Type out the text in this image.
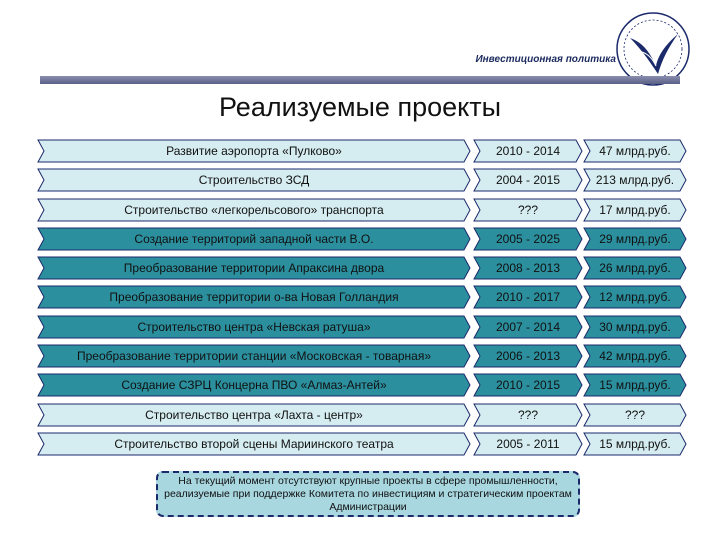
Инвестиционная политика
Реализуемые проекты
Развитие аэропорта «Пулково»	2010 - 2014	47 млрд.руб.
Строительство ЗСД	2004 - 2015	213 млрд.руб.
Строительство «легкорельсового» транспорта	???	17 млрд.руб.
Создание территорий западной части В.О.	2005 - 2025	29 млрд.руб.
Преобразование территории Апраксина двора	2008 - 2013	26 млрд.руб.
Преобразование территории о-ва Новая Голландия	2010 - 2017	12 млрд.руб.
Строительство центра «Невская ратуша»	2007 - 2014	30 млрд.руб.
Преобразование территории станции «Московская - товарная»	2006 - 2013	42 млрд.руб.
Создание СЗРЦ Концерна ПВО «Алмаз-Антей»	2010 - 2015	15 млрд.руб.
Строительство центра «Лахта - центр»	???	???
Строительство второй сцены Мариинского театра	2005 - 2011	15 млрд.руб.
На текущий момент отсутствуют крупные проекты в сфере промышленности, реализуемые при поддержке Комитета по инвестициям и стратегическим проектам Администрации
